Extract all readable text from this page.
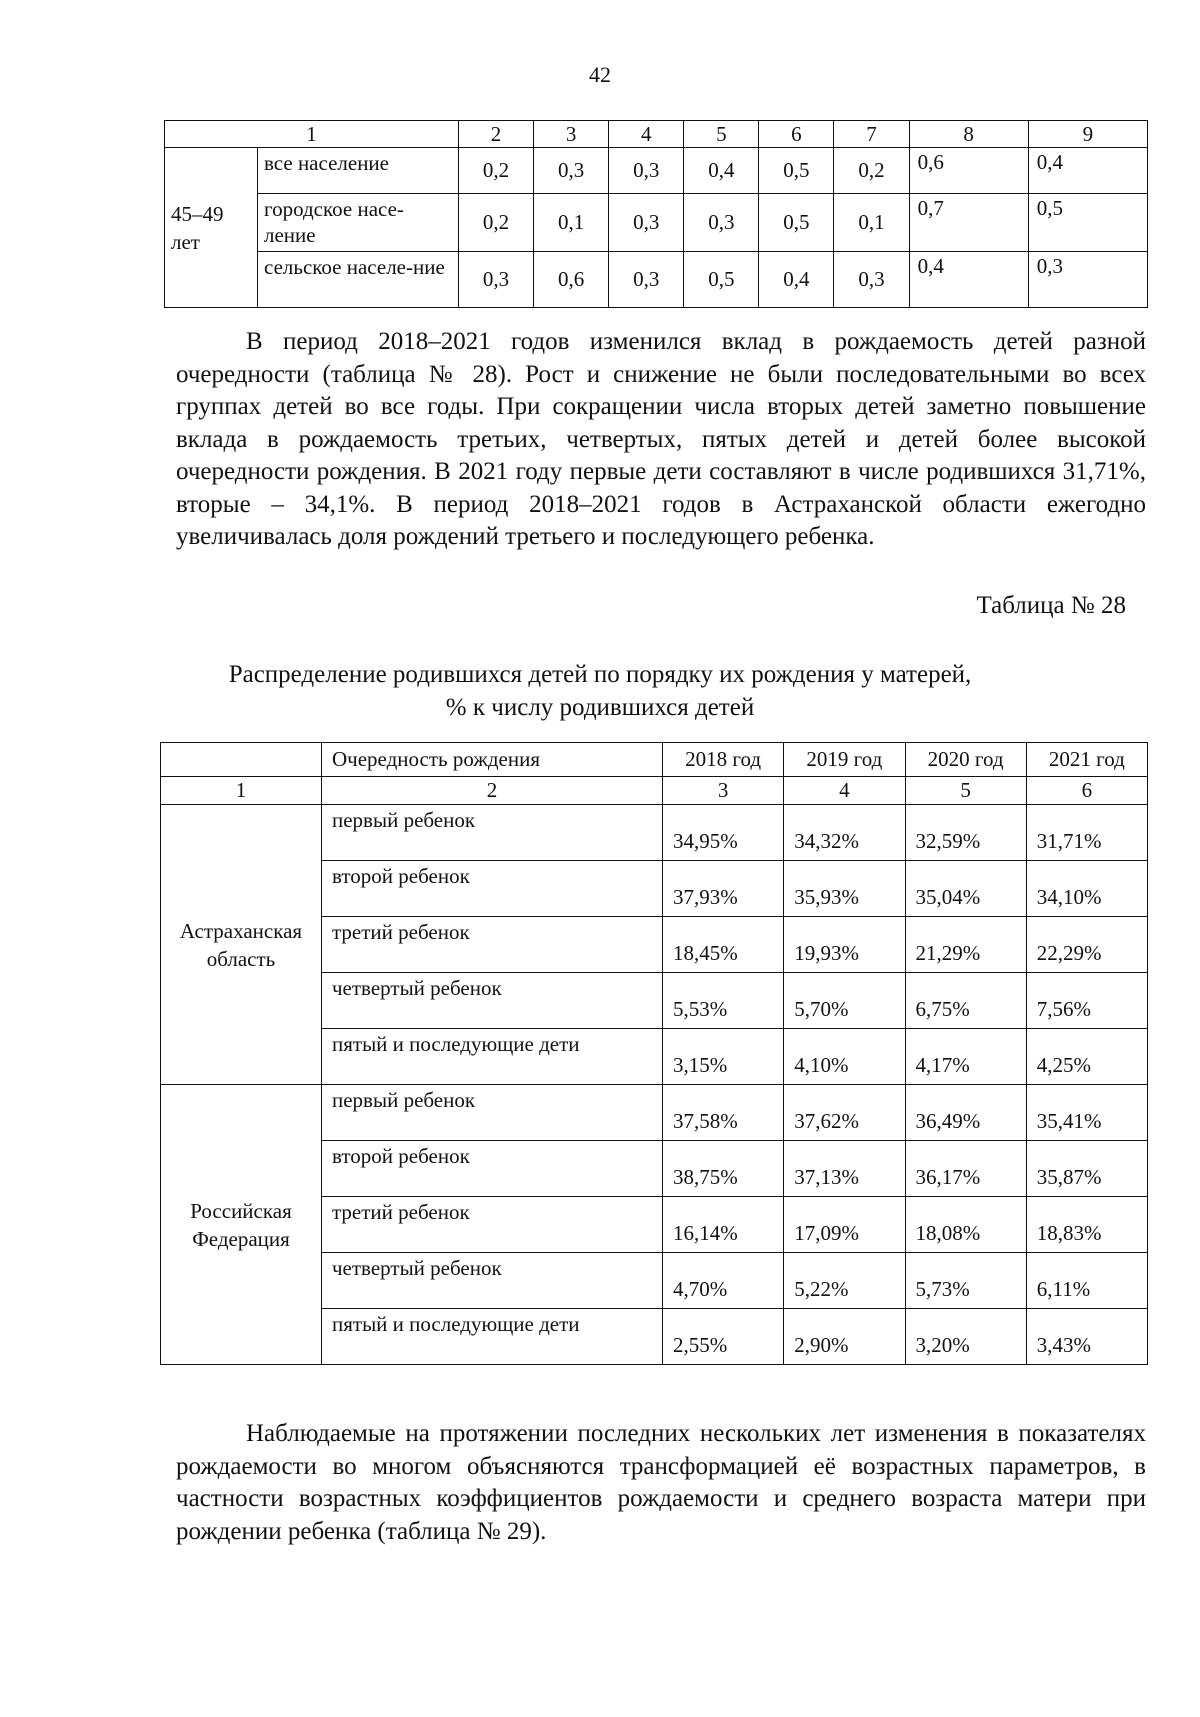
42
1		2	3	4	5	6	7	8	9
45–49 лет	все население	0,2	0,3	0,3	0,4	0,5	0,2	0,6	0,4
	городское насе-ление	0,2	0,1	0,3	0,3	0,5	0,1	0,7	0,5
	сельское населе-ние	0,3	0,6	0,3	0,5	0,4	0,3	0,4	0,3

В период 2018–2021 годов изменился вклад в рождаемость детей разной очередности (таблица № 28). Рост и снижение не были последовательными во всех группах детей во все годы. При сокращении числа вторых детей заметно повышение вклада в рождаемость третьих, четвертых, пятых детей и детей более высокой очередности рождения. В 2021 году первые дети составляют в числе родившихся 31,71%, вторые – 34,1%. В период 2018–2021 годов в Астраханской области ежегодно увеличивалась доля рождений третьего и последующего ребенка.

Таблица № 28
Распределение родившихся детей по порядку их рождения у матерей,
% к числу родившихся детей
	Очередность рождения	2018 год	2019 год	2020 год	2021 год
1	2	3	4	5	6
Астраханская область	первый ребенок	34,95%	34,32%	32,59%	31,71%
	второй ребенок	37,93%	35,93%	35,04%	34,10%
	третий ребенок	18,45%	19,93%	21,29%	22,29%
	четвертый ребенок	5,53%	5,70%	6,75%	7,56%
	пятый и последующие дети	3,15%	4,10%	4,17%	4,25%
Российская Федерация	первый ребенок	37,58%	37,62%	36,49%	35,41%
	второй ребенок	38,75%	37,13%	36,17%	35,87%
	третий ребенок	16,14%	17,09%	18,08%	18,83%
	четвертый ребенок	4,70%	5,22%	5,73%	6,11%
	пятый и последующие дети	2,55%	2,90%	3,20%	3,43%

Наблюдаемые на протяжении последних нескольких лет изменения в показателях рождаемости во многом объясняются трансформацией её возрастных параметров, в частности возрастных коэффициентов рождаемости и среднего возраста матери при рождении ребенка (таблица № 29).
